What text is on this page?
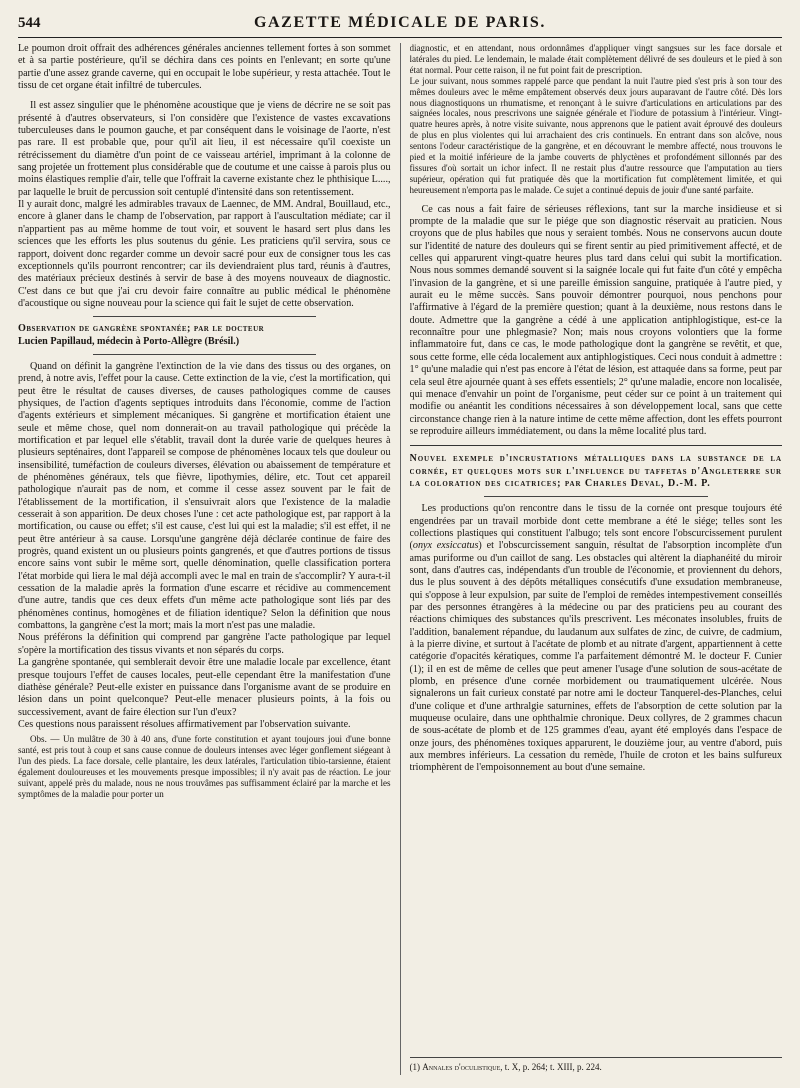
544	GAZETTE MÉDICALE DE PARIS.

Le poumon droit offrait des adhérences générales anciennes tellement fortes à son sommet et à sa partie postérieure, qu'il se déchira dans ces points en l'enlevant; en sorte qu'une partie d'une assez grande caverne, qui en occupait le lobe supérieur, y resta attachée. Tout le tissu de cet organe était infiltré de tubercules.

Il est assez singulier que le phénomène acoustique que je viens de décrire ne se soit pas présenté à d'autres observateurs, si l'on considère que l'existence de vastes excavations tuberculeuses dans le poumon gauche, et par conséquent dans le voisinage de l'aorte, n'est pas rare. Il est probable que, pour qu'il ait lieu, il est nécessaire qu'il coexiste un rétrécissement du diamètre d'un point de ce vaisseau artériel, imprimant à la colonne de sang projetée un frottement plus considérable que de coutume et une caisse à parois plus ou moins élastiques remplie d'air, telle que l'offrait la caverne existante chez le phthisique L...., par laquelle le bruit de percussion soit centuplé d'intensité dans son retentissement.

Il y aurait donc, malgré les admirables travaux de Laennec, de MM. Andral, Bouillaud, etc., encore à glaner dans le champ de l'observation, par rapport à l'auscultation médiate; car il n'appartient pas au même homme de tout voir, et souvent le hasard sert plus dans les sciences que les efforts les plus soutenus du génie. Les praticiens qu'il servira, sous ce rapport, doivent donc regarder comme un devoir sacré pour eux de consigner tous les cas exceptionnels qu'ils pourront rencontrer; car ils deviendraient plus tard, réunis à d'autres, des matériaux précieux destinés à servir de base à des moyens nouveaux de diagnostic. C'est dans ce but que j'ai cru devoir faire connaître au public médical le phénomène d'acoustique ou signe nouveau pour la science qui fait le sujet de cette observation.

Observation de gangrène spontanée; par le docteur
Lucien Papillaud, médecin à Porto-Allègre (Brésil.)

Quand on définit la gangrène l'extinction de la vie dans des tissus ou des organes, on prend, à notre avis, l'effet pour la cause. Cette extinction de la vie, c'est la mortification, qui peut être le résultat de causes diverses, de causes pathologiques comme de causes physiques, de l'action d'agents septiques introduits dans l'économie, comme de l'action d'agents extérieurs et simplement mécaniques. Si gangrène et mortification étaient une seule et même chose, quel nom donnerait-on au travail pathologique qui précède la mortification et par lequel elle s'établit, travail dont la durée varie de quelques heures à plusieurs septénaires, dont l'appareil se compose de phénomènes locaux tels que douleur ou insensibilité, tuméfaction de couleurs diverses, élévation ou abaissement de température et de phénomènes généraux, tels que fièvre, lipothymies, délire, etc. Tout cet appareil pathologique n'aurait pas de nom, et comme il cesse assez souvent par le fait de l'établissement de la mortification, il s'ensuivrait alors que l'existence de la maladie cesserait à son apparition. De deux choses l'une : cet acte pathologique est, par rapport à la mortification, ou cause ou effet; s'il est cause, c'est lui qui est la maladie; s'il est effet, il ne peut être antérieur à sa cause. Lorsqu'une gangrène déjà déclarée continue de faire des progrès, quand existent un ou plusieurs points gangrenés, et que d'autres portions de tissus encore sains vont subir le même sort, quelle dénomination, quelle classification portera l'état morbide qui liera le mal déjà accompli avec le mal en train de s'accomplir? Y aura-t-il cessation de la maladie après la formation d'une escarre et récidive au commencement d'une autre, tandis que ces deux effets d'un même acte pathologique sont liés par des phénomènes continus, homogènes et de filiation identique? Selon la définition que nous combattons, la gangrène c'est la mort; mais la mort n'est pas une maladie.

Nous préférons la définition qui comprend par gangrène l'acte pathologique par lequel s'opère la mortification des tissus vivants et non séparés du corps.

La gangrène spontanée, qui semblerait devoir être une maladie locale par excellence, étant presque toujours l'effet de causes locales, peut-elle cependant être la manifestation d'une diathèse générale? Peut-elle exister en puissance dans l'organisme avant de se produire en lésion dans un point quelconque? Peut-elle menacer plusieurs points, à la fois ou successivement, avant de faire élection sur l'un d'eux?

Ces questions nous paraissent résolues affirmativement par l'observation suivante.

Obs. — Un mulâtre de 30 à 40 ans, d'une forte constitution et ayant toujours joui d'une bonne santé, est pris tout à coup et sans cause connue de douleurs intenses avec léger gonflement siégeant à l'un des pieds. La face dorsale, celle plantaire, les deux latérales, l'articulation tibio-tarsienne, étaient également douloureuses et les mouvements presque impossibles; il n'y avait pas de réaction. Le jour suivant, appelé près du malade, nous ne nous trouvâmes pas suffisamment éclairé par la marche et les symptômes de la maladie pour porter un

diagnostic, et en attendant, nous ordonnâmes d'appliquer vingt sangsues sur les face dorsale et latérales du pied. Le lendemain, le malade était complètement délivré de ses douleurs et le pied à son état normal. Pour cette raison, il ne fut point fait de prescription.

Le jour suivant, nous sommes rappelé parce que pendant la nuit l'autre pied s'est pris à son tour des mêmes douleurs avec le même empâtement observés deux jours auparavant de l'autre côté. Dès lors nous diagnostiquons un rhumatisme, et renonçant à le suivre d'articulations en articulations par des saignées locales, nous prescrivons une saignée générale et l'iodure de potassium à l'intérieur. Vingt-quatre heures après, à notre visite suivante, nous apprenons que le patient avait éprouvé des douleurs de plus en plus violentes qui lui arrachaient des cris continuels. En entrant dans son alcôve, nous sentons l'odeur caractéristique de la gangrène, et en découvrant le membre affecté, nous trouvons le pied et la moitié inférieure de la jambe couverts de phlyctènes et profondément sillonnés par des fissures d'où sortait un ichor infect. Il ne restait plus d'autre ressource que l'amputation au tiers supérieur, opération qui fut pratiquée dès que la mortification fut complètement limitée, et qui heureusement n'emporta pas le malade. Ce sujet a continué depuis de jouir d'une santé parfaite.

Ce cas nous a fait faire de sérieuses réflexions, tant sur la marche insidieuse et si prompte de la maladie que sur le piége que son diagnostic réservait au praticien. Nous croyons que de plus habiles que nous y seraient tombés. Nous ne conservons aucun doute sur l'identité de nature des douleurs qui se firent sentir au pied primitivement affecté, et de celles qui apparurent vingt-quatre heures plus tard dans celui qui subit la mortification. Nous nous sommes demandé souvent si la saignée locale qui fut faite d'un côté y empêcha l'invasion de la gangrène, et si une pareille émission sanguine, pratiquée à l'autre pied, y aurait eu le même succès. Sans pouvoir démontrer pourquoi, nous penchons pour l'affirmative à l'égard de la première question; quant à la deuxième, nous restons dans le doute. Admettre que la gangrène a cédé à une application antiphlogistique, est-ce la reconnaître pour une phlegmasie? Non; mais nous croyons volontiers que la forme inflammatoire fut, dans ce cas, le mode pathologique dont la gangrène se revêtit, et que, sous cette forme, elle céda localement aux antiphlogistiques. Ceci nous conduit à admettre : 1° qu'une maladie qui n'est pas encore à l'état de lésion, est attaquée dans sa forme, peut par cela seul être ajournée quant à ses effets essentiels; 2° qu'une maladie, encore non localisée, qui menace d'envahir un point de l'organisme, peut céder sur ce point à un traitement qui modifie ou anéantit les conditions nécessaires à son développement local, sans que cette circonstance change rien à la nature intime de cette même affection, dont les effets pourront se reproduire ailleurs immédiatement, ou dans la même localité plus tard.

Nouvel exemple d'incrustations métalliques dans la substance de la cornée, et quelques mots sur l'influence du taffetas d'Angleterre sur la coloration des cicatrices; par Charles Deval, D.-M. P.

Les productions qu'on rencontre dans le tissu de la cornée ont presque toujours été engendrées par un travail morbide dont cette membrane a été le siége; telles sont les collections plastiques qui constituent l'albugo; tels sont encore l'obscurcissement purulent (onyx exsiccatus) et l'obscurcissement sanguin, résultat de l'absorption incomplète d'un amas puriforme ou d'un caillot de sang. Les obstacles qui altèrent la diaphanéité du miroir sont, dans d'autres cas, indépendants d'un trouble de l'économie, et proviennent du dehors, dus le plus souvent à des dépôts métalliques consécutifs d'une exsudation membraneuse, qui s'oppose à leur expulsion, par suite de l'emploi de remèdes intempestivement conseillés par des personnes étrangères à la médecine ou par des praticiens peu au courant des réactions chimiques des substances qu'ils prescrivent. Les méconates insolubles, fruits de l'addition, banalement répandue, du laudanum aux sulfates de zinc, de cuivre, de cadmium, à la pierre divine, et surtout à l'acétate de plomb et au nitrate d'argent, appartiennent à cette catégorie d'opacités kératiques, comme l'a parfaitement démontré M. le docteur F. Cunier (1); il en est de même de celles que peut amener l'usage d'une solution de sous-acétate de plomb, en présence d'une cornée morbidement ou traumatiquement ulcérée. Nous signalerons un fait curieux constaté par notre ami le docteur Tanquerel-des-Planches, celui d'une colique et d'une arthralgie saturnines, effets de l'absorption de cette solution par la muqueuse oculaire, dans une ophthalmie chronique. Deux collyres, de 2 grammes chacun de sous-acétate de plomb et de 125 grammes d'eau, ayant été employés dans l'espace de onze jours, des phénomènes toxiques apparurent, le douzième jour, au ventre d'abord, puis aux membres inférieurs. La cessation du remède, l'huile de croton et les bains sulfureux triomphèrent de l'empoisonnement au bout d'une semaine.

(1) Annales d'oculistique, t. X, p. 264; t. XIII, p. 224.
